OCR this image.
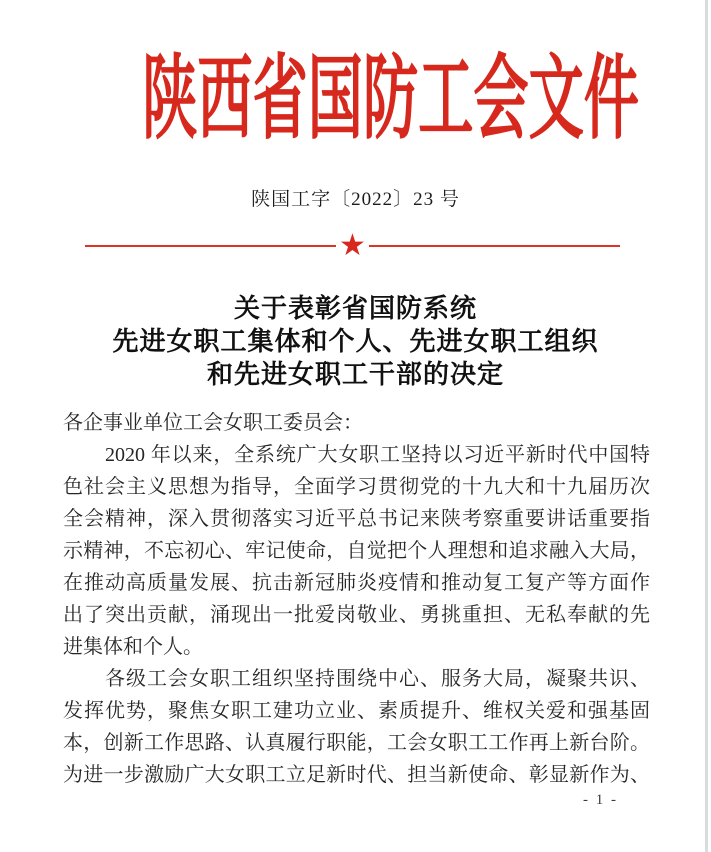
陕西省国防工会文件
陕国工字〔2022〕23 号
★
关于表彰省国防系统
先进女职工集体和个人、先进女职工组织
和先进女职工干部的决定
各企事业单位工会女职工委员会：
2020 年以来，全系统广大女职工坚持以习近平新时代中国特
色社会主义思想为指导，全面学习贯彻党的十九大和十九届历次
全会精神，深入贯彻落实习近平总书记来陕考察重要讲话重要指
示精神，不忘初心、牢记使命，自觉把个人理想和追求融入大局，
在推动高质量发展、抗击新冠肺炎疫情和推动复工复产等方面作
出了突出贡献，涌现出一批爱岗敬业、勇挑重担、无私奉献的先
进集体和个人。
各级工会女职工组织坚持围绕中心、服务大局，凝聚共识、
发挥优势，聚焦女职工建功立业、素质提升、维权关爱和强基固
本，创新工作思路、认真履行职能，工会女职工工作再上新台阶。
为进一步激励广大女职工立足新时代、担当新使命、彰显新作为、
- 1 -
